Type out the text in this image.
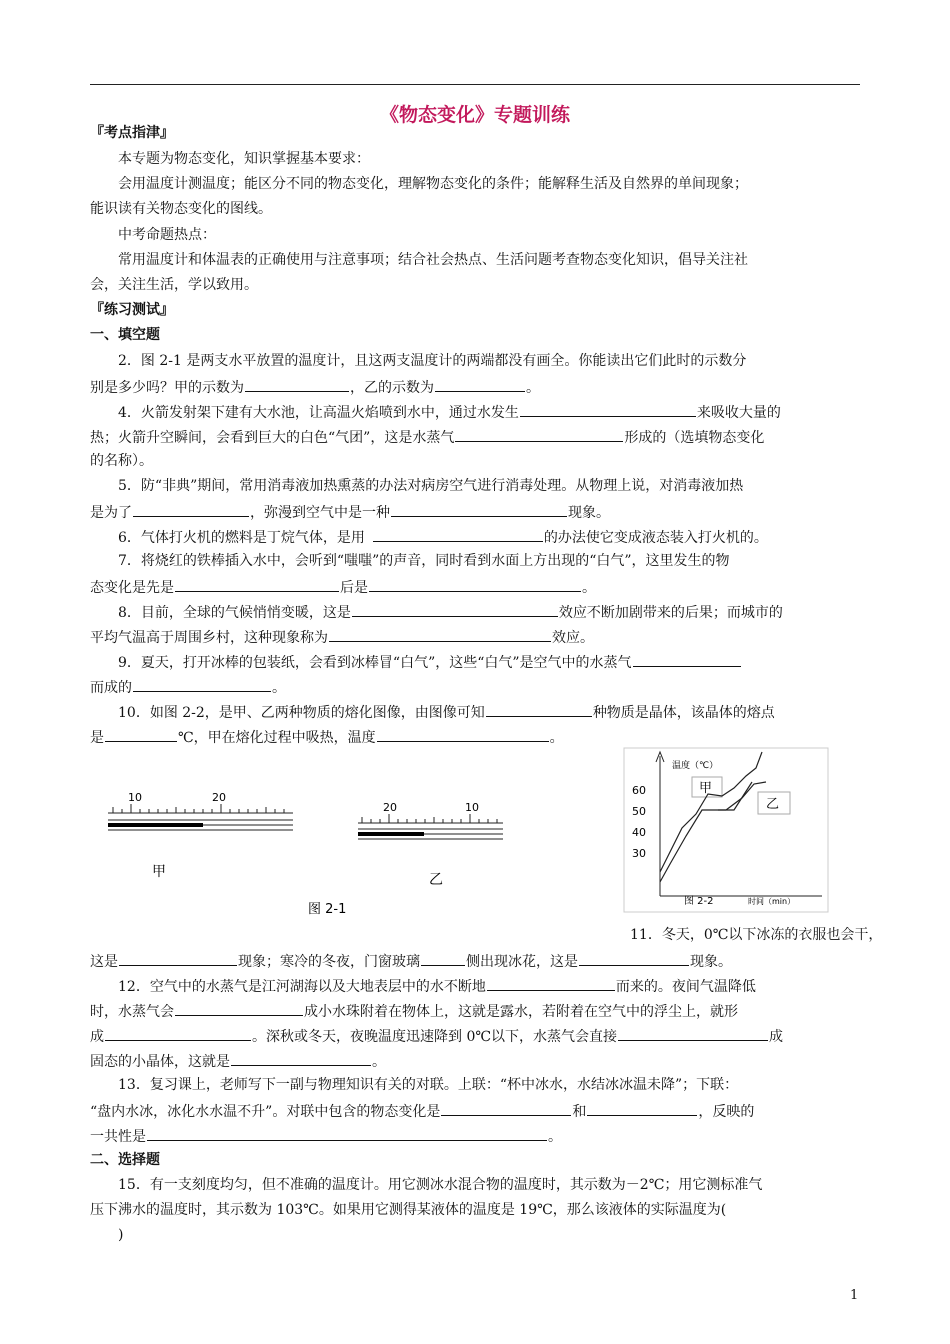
《物态变化》专题训练
『考点指津』
本专题为物态变化，知识掌握基本要求：
会用温度计测温度；能区分不同的物态变化，理解物态变化的条件；能解释生活及自然界的单间现象；
能识读有关物态变化的图线。
中考命题热点：
常用温度计和体温表的正确使用与注意事项；结合社会热点、生活问题考查物态变化知识，倡导关注社
会，关注生活，学以致用。
『练习测试』
一、填空题
2．图 2-1 是两支水平放置的温度计，且这两支温度计的两端都没有画全。你能读出它们此时的示数分
别是多少吗？甲的示数为	，乙的示数为	。
4．火箭发射架下建有大水池，让高温火焰喷到水中，通过水发生	来吸收大量的
热；火箭升空瞬间，会看到巨大的白色“气团”，这是水蒸气	形成的（选填物态变化
的名称）。
5．防“非典”期间，常用消毒液加热熏蒸的办法对病房空气进行消毒处理。从物理上说，对消毒液加热
是为了	，弥漫到空气中是一种	现象。
6．气体打火机的燃料是丁烷气体，是用	的办法使它变成液态装入打火机的。
7．将烧红的铁棒插入水中，会听到“嗤嗤”的声音，同时看到水面上方出现的“白气”，这里发生的物
态变化是先是	后是	。
8．目前，全球的气候悄悄变暖，这是	效应不断加剧带来的后果；而城市的
平均气温高于周围乡村，这种现象称为	效应。
9．夏天，打开冰棒的包装纸，会看到冰棒冒“白气”，这些“白气”是空气中的水蒸气
而成的	。
10．如图 2-2，是甲、乙两种物质的熔化图像，由图像可知	种物质是晶体，该晶体的熔点
是	℃，甲在熔化过程中吸热，温度	。
10	20
甲
20	10
乙
图 2-1
温度（℃）
60
50
40
30
甲
乙
图 2-2	时间（min）
11．冬天，0℃以下冰冻的衣服也会干，
这是	现象；寒冷的冬夜，门窗玻璃	侧出现冰花，这是	现象。
12．空气中的水蒸气是江河湖海以及大地表层中的水不断地	而来的。夜间气温降低
时，水蒸气会	成小水珠附着在物体上，这就是露水，若附着在空气中的浮尘上，就形
成	。深秋或冬天，夜晚温度迅速降到 0℃以下，水蒸气会直接	成
固态的小晶体，这就是	。
13．复习课上，老师写下一副与物理知识有关的对联。上联：“杯中冰水，水结冰冰温未降”；下联：
“盘内水冰，冰化水水温不升”。对联中包含的物态变化是	和	，反映的
一共性是	。
二、选择题
15．有一支刻度均匀，但不准确的温度计。用它测冰水混合物的温度时，其示数为－2℃；用它测标准气
压下沸水的温度时，其示数为 103℃。如果用它测得某液体的温度是 19℃，那么该液体的实际温度为(
)
1
